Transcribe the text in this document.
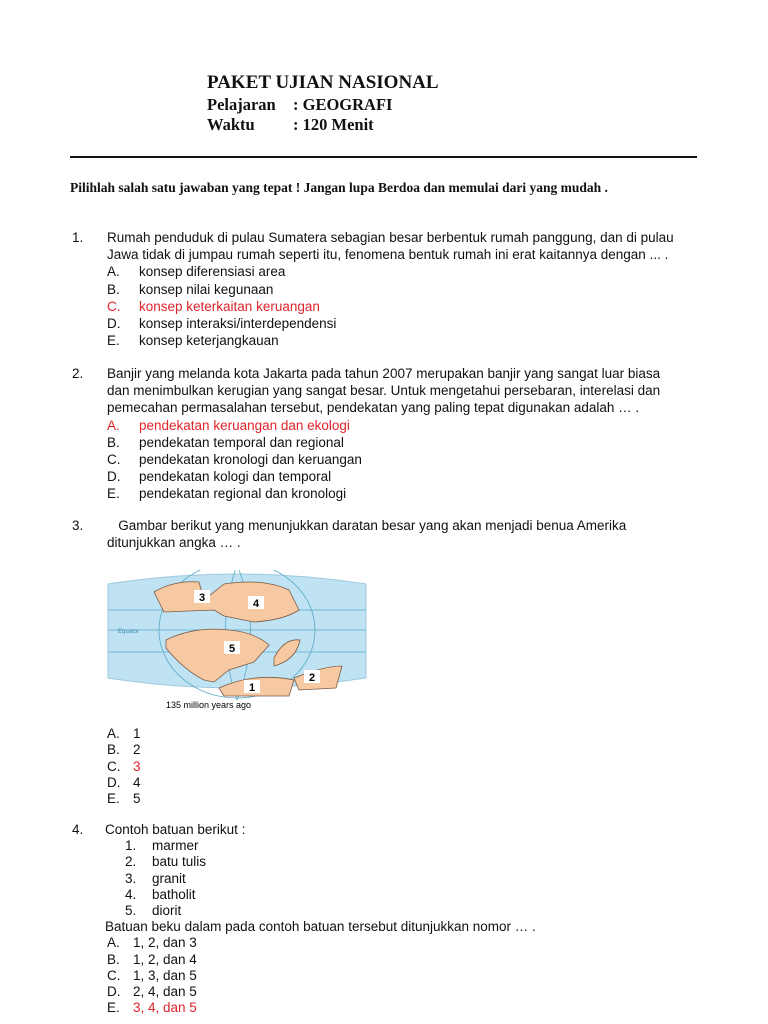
PAKET UJIAN NASIONAL
Pelajaran : GEOGRAFI
Waktu : 120 Menit
Pilihlah salah satu jawaban yang tepat ! Jangan lupa Berdoa dan memulai dari yang mudah .
1. Rumah penduduk di pulau Sumatera sebagian besar berbentuk rumah panggung, dan di pulau
Jawa tidak di jumpau rumah seperti itu, fenomena bentuk rumah ini erat kaitannya dengan ... .
A. konsep diferensiasi area
B. konsep nilai kegunaan
C. konsep keterkaitan keruangan
D. konsep interaksi/interdependensi
E. konsep keterjangkauan
2. Banjir yang melanda kota Jakarta pada tahun 2007 merupakan banjir yang sangat luar biasa
dan menimbulkan kerugian yang sangat besar. Untuk mengetahui persebaran, interelasi dan
pemecahan permasalahan tersebut, pendekatan yang paling tepat digunakan adalah … .
A. pendekatan keruangan dan ekologi
B. pendekatan temporal dan regional
C. pendekatan kronologi dan keruangan
D. pendekatan kologi dan temporal
E. pendekatan regional dan kronologi
3. Gambar berikut yang menunjukkan daratan besar yang akan menjadi benua Amerika
ditunjukkan angka … .
Equator
3	4
5
1
2
135 million years ago
A. 1
B. 2
C. 3
D. 4
E. 5
4. Contoh batuan berikut :
1. marmer
2. batu tulis
3. granit
4. batholit
5. diorit
Batuan beku dalam pada contoh batuan tersebut ditunjukkan nomor … .
A. 1, 2, dan 3
B. 1, 2, dan 4
C. 1, 3, dan 5
D. 2, 4, dan 5
E. 3, 4, dan 5
